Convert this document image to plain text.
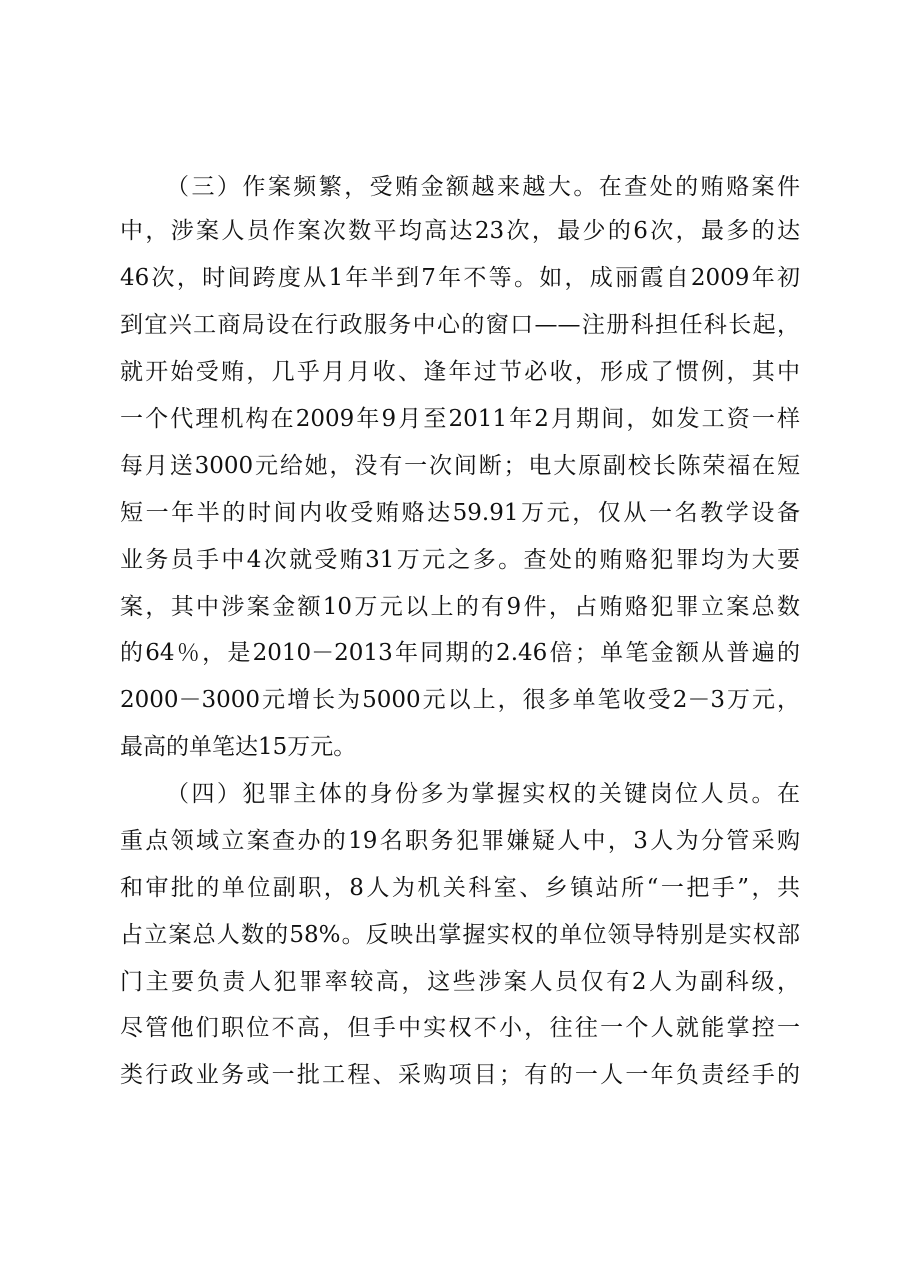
（三）作案频繁，受贿金额越来越大。在查处的贿赂案件
中，涉案人员作案次数平均高达23次，最少的6次，最多的达
46次，时间跨度从1年半到7年不等。如，成丽霞自2009年初
到宜兴工商局设在行政服务中心的窗口——注册科担任科长起，
就开始受贿，几乎月月收、逢年过节必收，形成了惯例，其中
一个代理机构在2009年9月至2011年2月期间，如发工资一样
每月送3000元给她，没有一次间断；电大原副校长陈荣福在短
短一年半的时间内收受贿赂达59.91万元，仅从一名教学设备
业务员手中4次就受贿31万元之多。查处的贿赂犯罪均为大要
案，其中涉案金额10万元以上的有9件，占贿赂犯罪立案总数
的64％，是2010－2013年同期的2.46倍；单笔金额从普遍的
2000－3000元增长为5000元以上，很多单笔收受2－3万元，
最高的单笔达15万元。
（四）犯罪主体的身份多为掌握实权的关键岗位人员。在
重点领域立案查办的19名职务犯罪嫌疑人中，3人为分管采购
和审批的单位副职，8人为机关科室、乡镇站所“一把手”，共
占立案总人数的58%。反映出掌握实权的单位领导特别是实权部
门主要负责人犯罪率较高，这些涉案人员仅有2人为副科级，
尽管他们职位不高，但手中实权不小，往往一个人就能掌控一
类行政业务或一批工程、采购项目；有的一人一年负责经手的
